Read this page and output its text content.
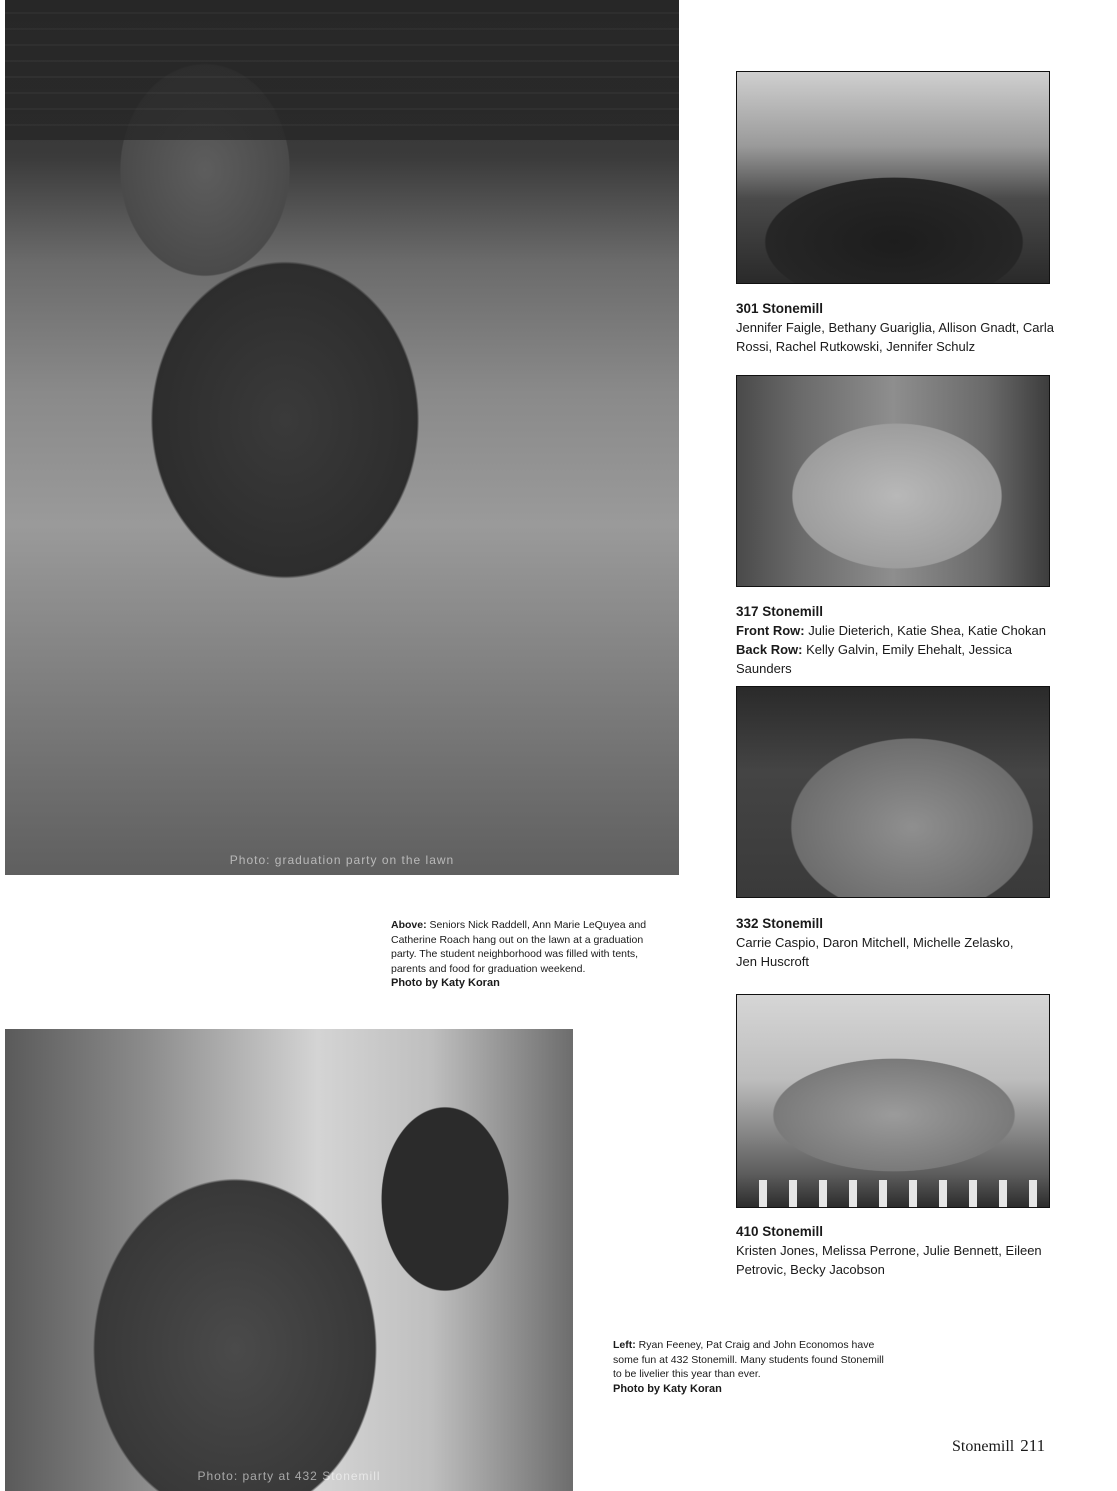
Photo: graduation party on the lawn
Photo: party at 432 Stonemill
301 Stonemill
Jennifer Faigle, Bethany Guariglia, Allison Gnadt, Carla
Rossi, Rachel Rutkowski, Jennifer Schulz
317 Stonemill
Front Row: Julie Dieterich, Katie Shea, Katie Chokan
Back Row: Kelly Galvin, Emily Ehehalt, Jessica Saunders
332 Stonemill
Carrie Caspio, Daron Mitchell, Michelle Zelasko,
Jen Huscroft
410 Stonemill
Kristen Jones, Melissa Perrone, Julie Bennett, Eileen
Petrovic, Becky Jacobson
Above: Seniors Nick Raddell, Ann Marie LeQuyea and
Catherine Roach hang out on the lawn at a graduation
party. The student neighborhood was filled with tents,
parents and food for graduation weekend.
Photo by Katy Koran
Left: Ryan Feeney, Pat Craig and John Economos have
some fun at 432 Stonemill. Many students found Stonemill
to be livelier this year than ever.
Photo by Katy Koran
Stonemill 211
